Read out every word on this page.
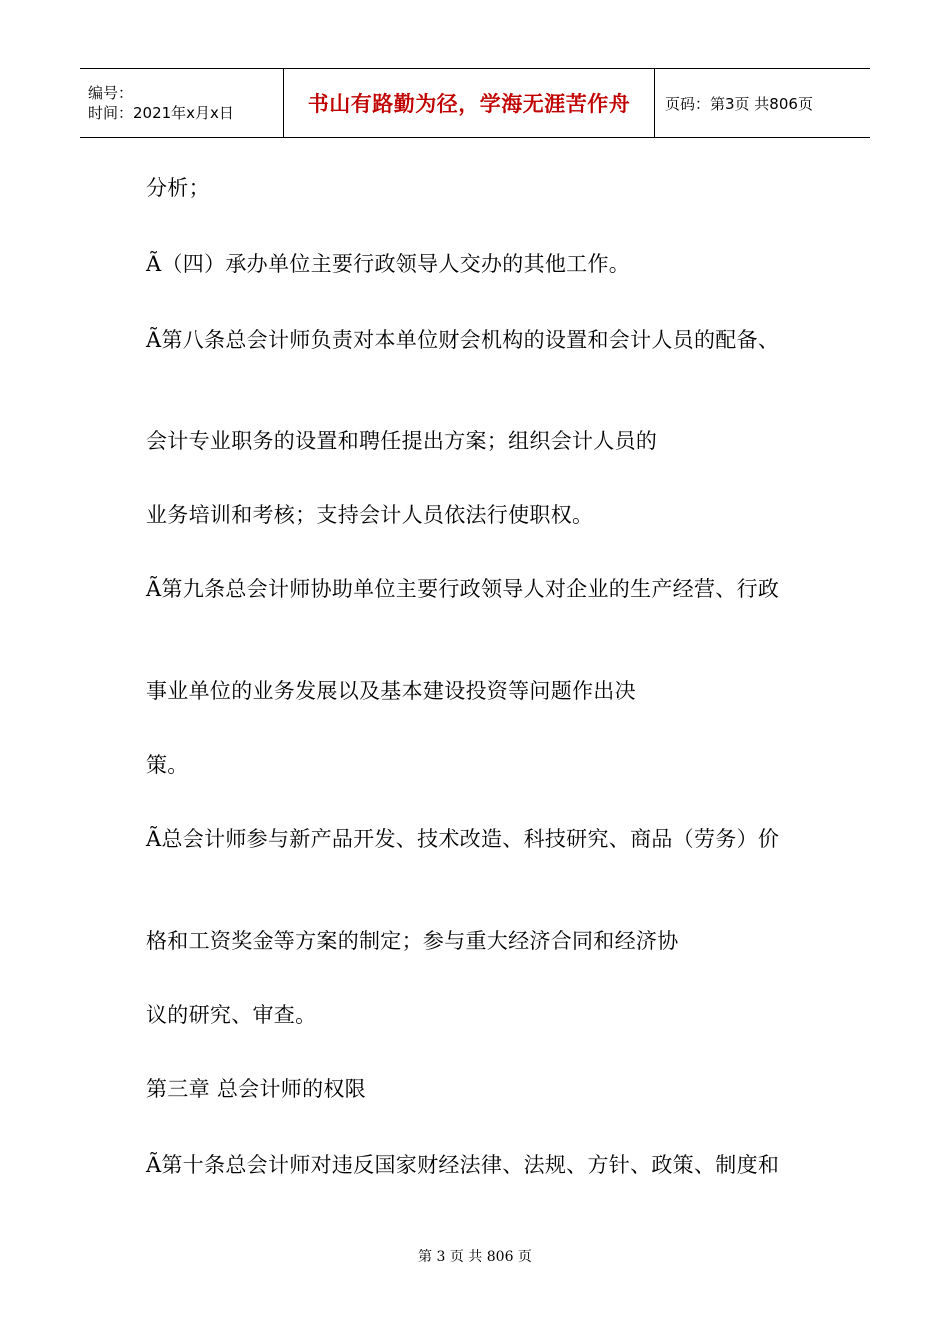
编号：
时间：2021年x月x日	书山有路勤为径，学海无涯苦作舟 页码：第3页 共806页
分析；
Ã（四）承办单位主要行政领导人交办的其他工作。
Ã第八条总会计师负责对本单位财会机构的设置和会计人员的配备、
会计专业职务的设置和聘任提出方案；组织会计人员的
业务培训和考核；支持会计人员依法行使职权。
Ã第九条总会计师协助单位主要行政领导人对企业的生产经营、行政
事业单位的业务发展以及基本建设投资等问题作出决
策。
Ã总会计师参与新产品开发、技术改造、科技研究、商品（劳务）价
格和工资奖金等方案的制定；参与重大经济合同和经济协
议的研究、审查。
第三章 总会计师的权限
Ã第十条总会计师对违反国家财经法律、法规、方针、政策、制度和
第 3 页 共 806 页
